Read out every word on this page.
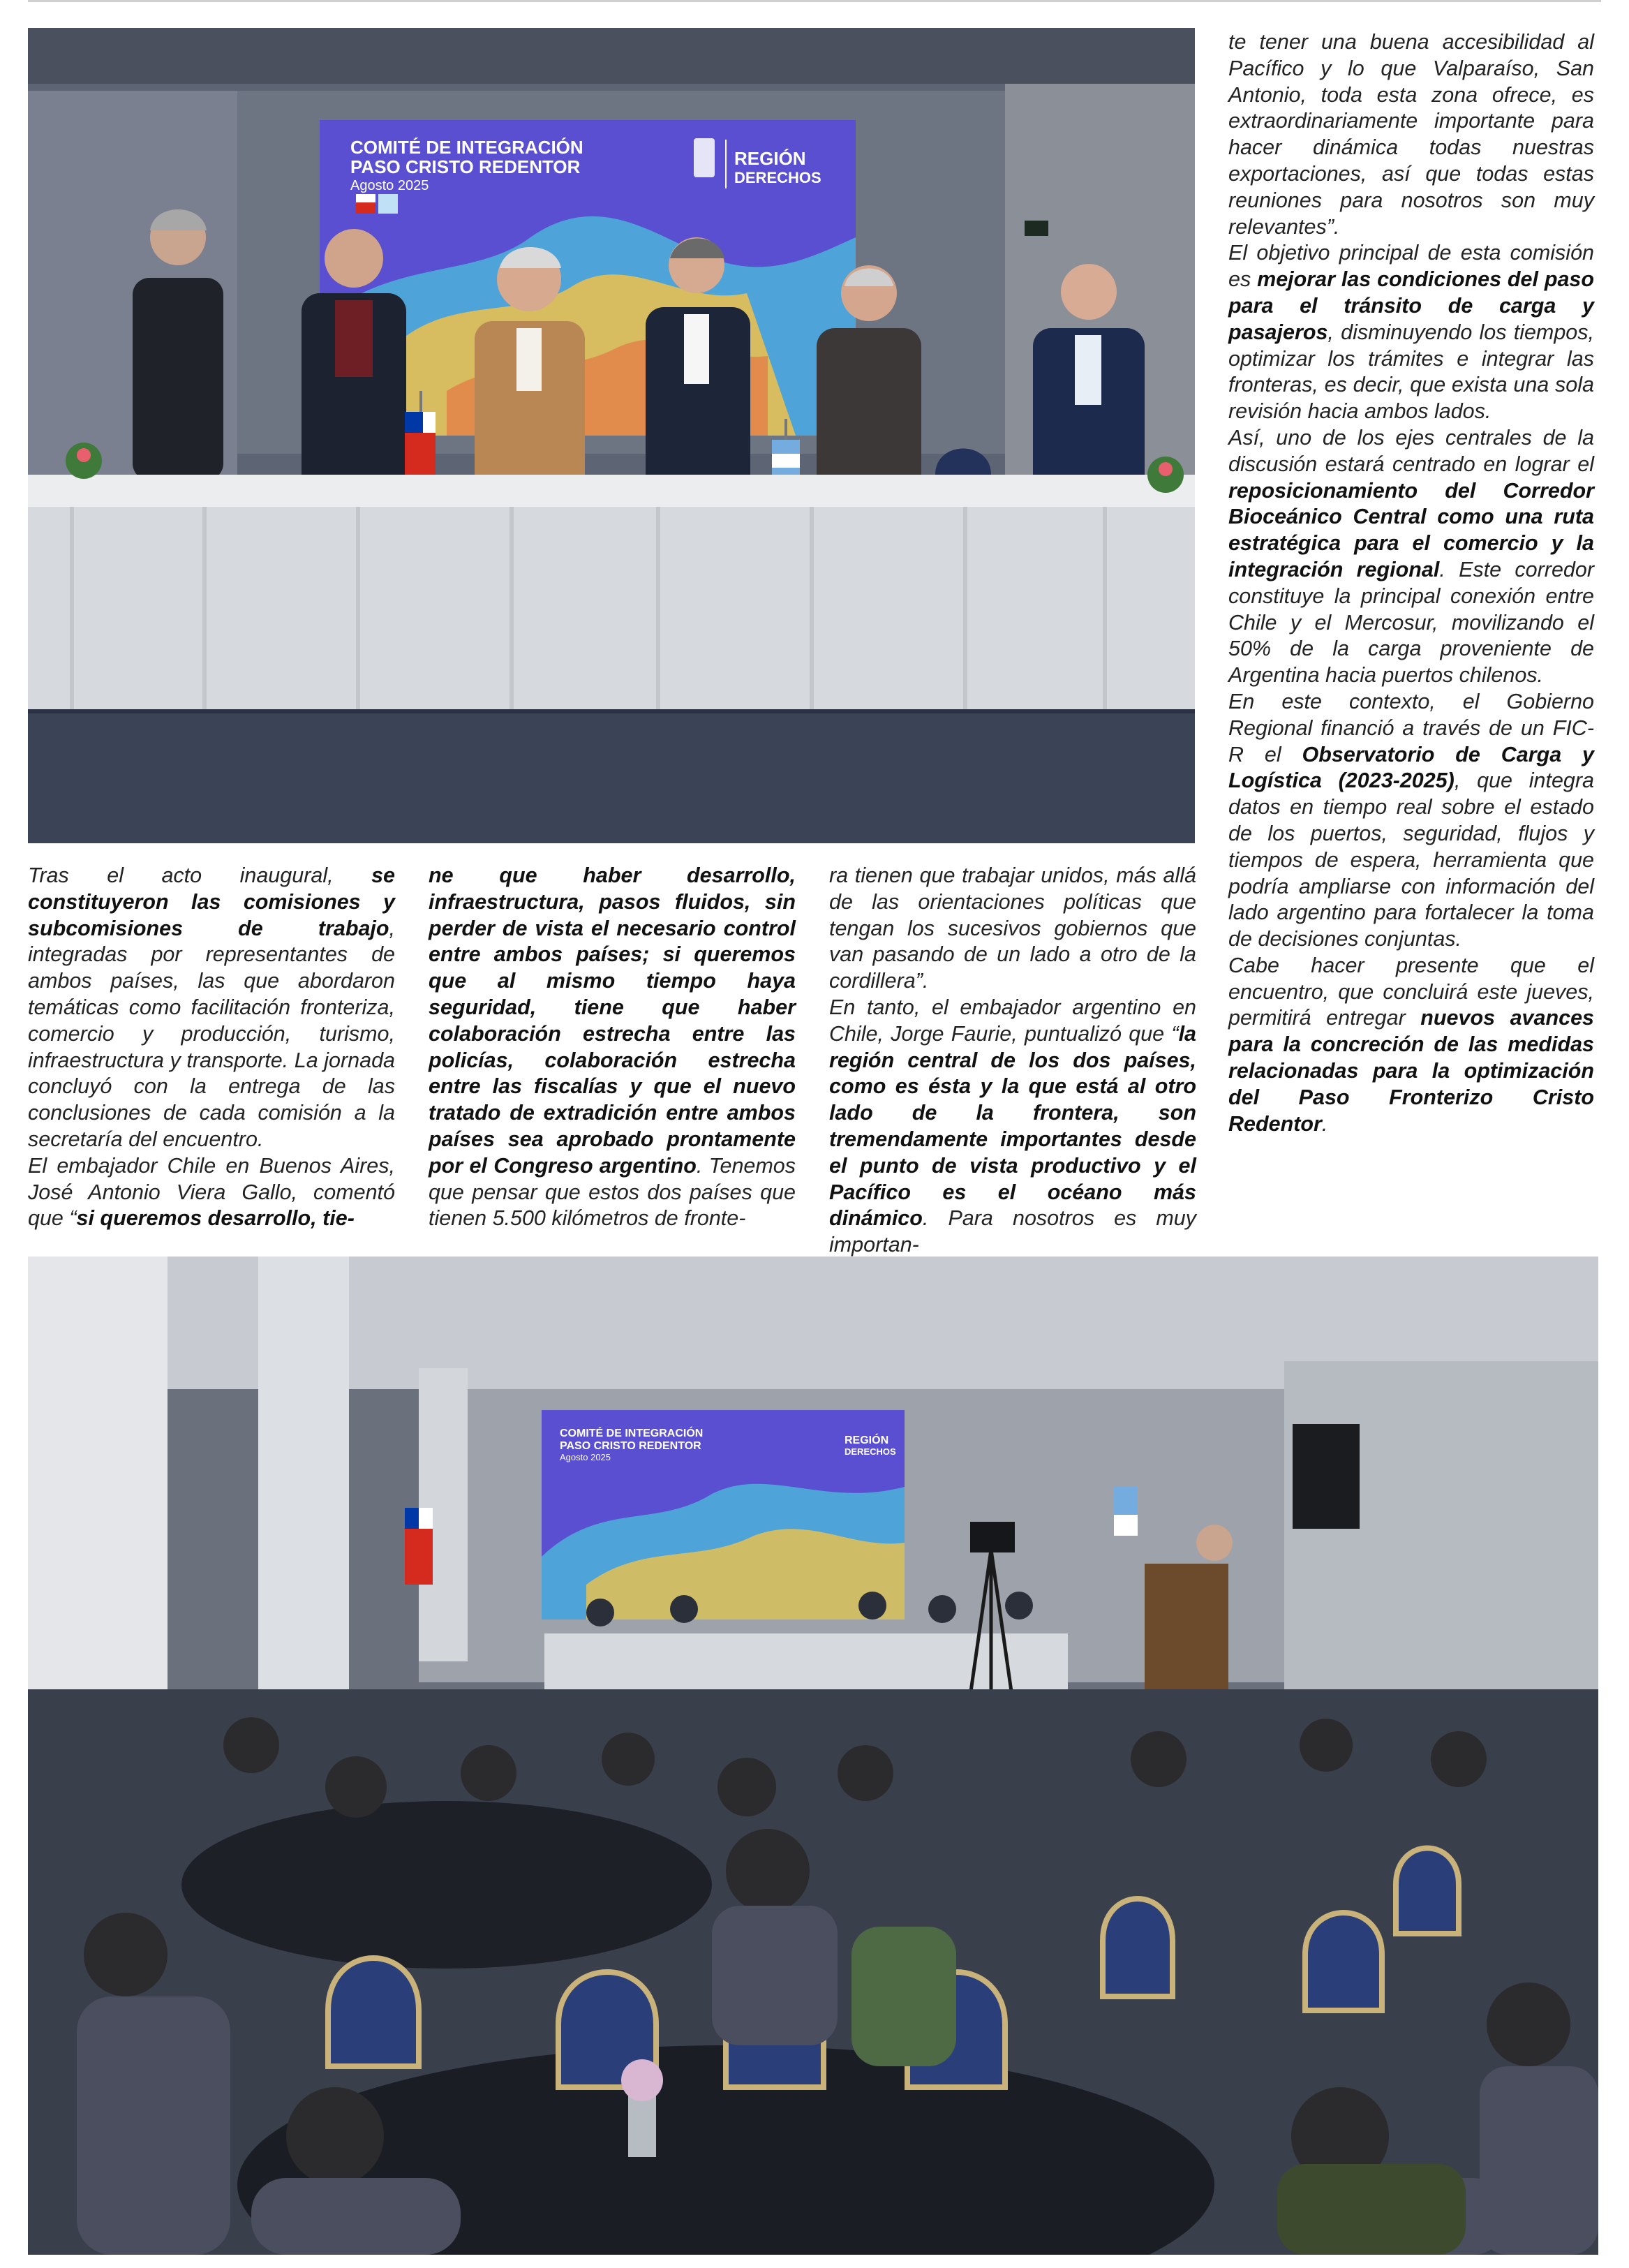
COMITÉ DE INTEGRACIÓN
PASO CRISTO REDENTOR
Agosto 2025
REGIÓN
DERECHOS

te tener una buena accesibilidad al Pacífico y lo que Valparaíso, San Antonio, toda esta zona ofrece, es extraordinariamente importante para hacer dinámica todas nuestras exportaciones, así que todas estas reuniones para nosotros son muy relevantes”.

El objetivo principal de esta comisión es mejorar las condiciones del paso para el tránsito de carga y pasajeros, disminuyendo los tiempos, optimizar los trámites e integrar las fronteras, es decir, que exista una sola revisión hacia ambos lados.

Así, uno de los ejes centrales de la discusión estará centrado en lograr el reposicionamiento del Corredor Bioceánico Central como una ruta estratégica para el comercio y la integración regional. Este corredor constituye la principal conexión entre Chile y el Mercosur, movilizando el 50% de la carga proveniente de Argentina hacia puertos chilenos.

En este contexto, el Gobierno Regional financió a través de un FIC-R el Observatorio de Carga y Logística (2023-2025), que integra datos en tiempo real sobre el estado de los puertos, seguridad, flujos y tiempos de espera, herramienta que podría ampliarse con información del lado argentino para fortalecer la toma de decisiones conjuntas.

Cabe hacer presente que el encuentro, que concluirá este jueves, permitirá entregar nuevos avances para la concreción de las medidas relacionadas para la optimización del Paso Fronterizo Cristo Redentor.

Tras el acto inaugural, se constituyeron las comisiones y subcomisiones de trabajo, integradas por representantes de ambos países, las que abordaron temáticas como facilitación fronteriza, comercio y producción, turismo, infraestructura y transporte. La jornada concluyó con la entrega de las conclusiones de cada comisión a la secretaría del encuentro.

El embajador Chile en Buenos Aires, José Antonio Viera Gallo, comentó que “si queremos desarrollo, tie-

ne que haber desarrollo, infraestructura, pasos fluidos, sin perder de vista el necesario control entre ambos países; si queremos que al mismo tiempo haya seguridad, tiene que haber colaboración estrecha entre las policías, colaboración estrecha entre las fiscalías y que el nuevo tratado de extradición entre ambos países sea aprobado prontamente por el Congreso argentino. Tenemos que pensar que estos dos países que tienen 5.500 kilómetros de fronte-

ra tienen que trabajar unidos, más allá de las orientaciones políticas que tengan los sucesivos gobiernos que van pasando de un lado a otro de la cordillera”.

En tanto, el embajador argentino en Chile, Jorge Faurie, puntualizó que “la región central de los dos países, como es ésta y la que está al otro lado de la frontera, son tremendamente importantes desde el punto de vista productivo y el Pacífico es el océano más dinámico. Para nosotros es muy importan-

COMITÉ DE INTEGRACIÓN
PASO CRISTO REDENTOR
Agosto 2025
REGIÓN
DERECHOS
